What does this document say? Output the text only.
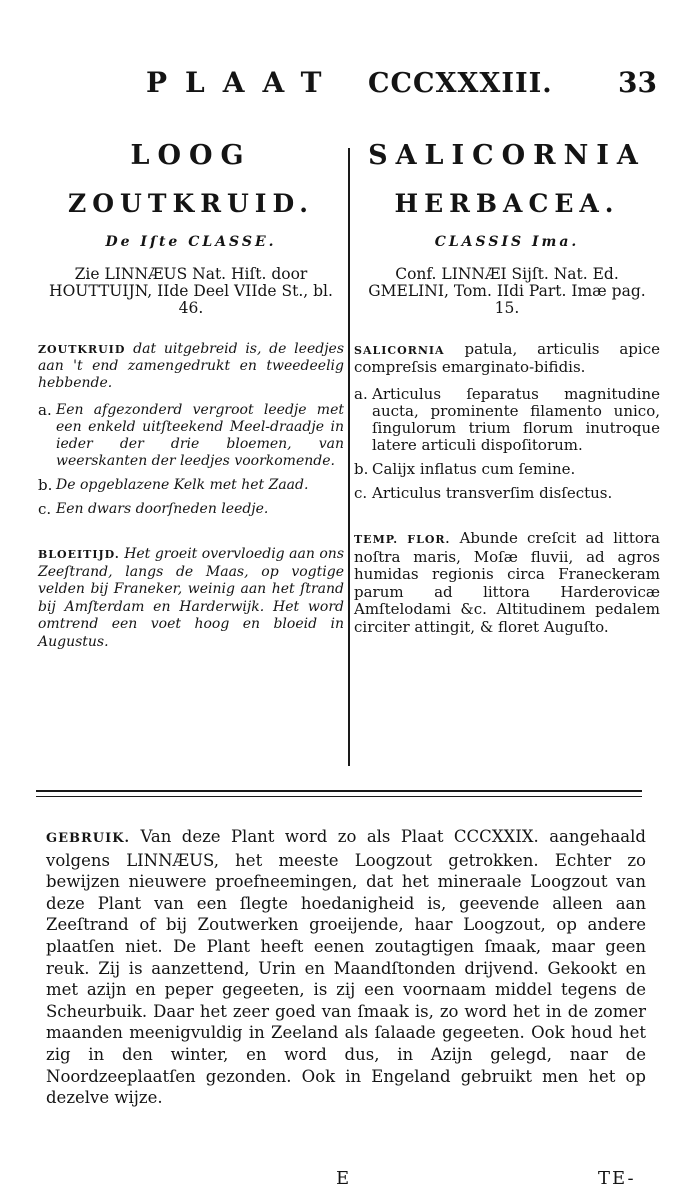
PLAAT CCCXXXIII. 33
LOOG
ZOUTKRUID.
De Iſte CLASSE.
Zie LINNÆUS Nat. Hiſt. door HOUTTUIJN, IIde Deel VIIde St., bl. 46.
ZOUTKRUID dat uitgebreid is, de leedjes aan 't end zamengedrukt en tweedeelig hebbende.
a. Een afgezonderd vergroot leedje met een enkeld uitſteekend Meel-draadje in ieder der drie bloemen, van weerskanten der leedjes voorkomende.
b. De opgeblazene Kelk met het Zaad.
c. Een dwars doorſneden leedje.
BLOEITIJD. Het groeit overvloedig aan ons Zeeſtrand, langs de Maas, op vogtige velden bij Franeker, weinig aan het ſtrand bij Amſterdam en Harderwijk. Het word omtrend een voet hoog en bloeid in Augustus.
SALICORNIA
HERBACEA.
CLASSIS Ima.
Conf. LINNÆI Sijſt. Nat. Ed. GMELINI, Tom. IIdi Part. Imæ pag. 15.
SALICORNIA patula, articulis apice compreſsis emarginato-bifidis.
a. Articulus ſeparatus magnitudine aucta, prominente filamento unico, ſingulorum trium florum inutroque latere articuli dispoſitorum.
b. Calijx inflatus cum ſemine.
c. Articulus transverſim disſectus.
TEMP. FLOR. Abunde creſcit ad littora noſtra maris, Moſæ fluvii, ad agros humidas regionis circa Franeckeram parum ad littora Harderovicæ Amſtelodami &c. Altitudinem pedalem circiter attingit, & floret Auguſto.
GEBRUIK. Van deze Plant word zo als Plaat CCCXXIX. aangehaald volgens LINNÆUS, het meeste Loogzout getrokken. Echter zo bewijzen nieuwere proefneemingen, dat het mineraale Loogzout van deze Plant van een ſlegte hoedanigheid is, geevende alleen aan Zeeſtrand of bij Zoutwerken groeijende, haar Loogzout, op andere plaatſen niet. De Plant heeft eenen zoutagtigen ſmaak, maar geen reuk. Zij is aanzettend, Urin en Maandſtonden drijvend. Gekookt en met azijn en peper gegeeten, is zij een voornaam middel tegens de Scheurbuik. Daar het zeer goed van ſmaak is, zo word het in de zomer maanden meenigvuldig in Zeeland als ſalaade gegeeten. Ook houd het zig in den winter, en word dus, in Azijn gelegd, naar de Noordzeeplaatſen gezonden. Ook in Engeland gebruikt men het op dezelve wijze.
E	TE-
